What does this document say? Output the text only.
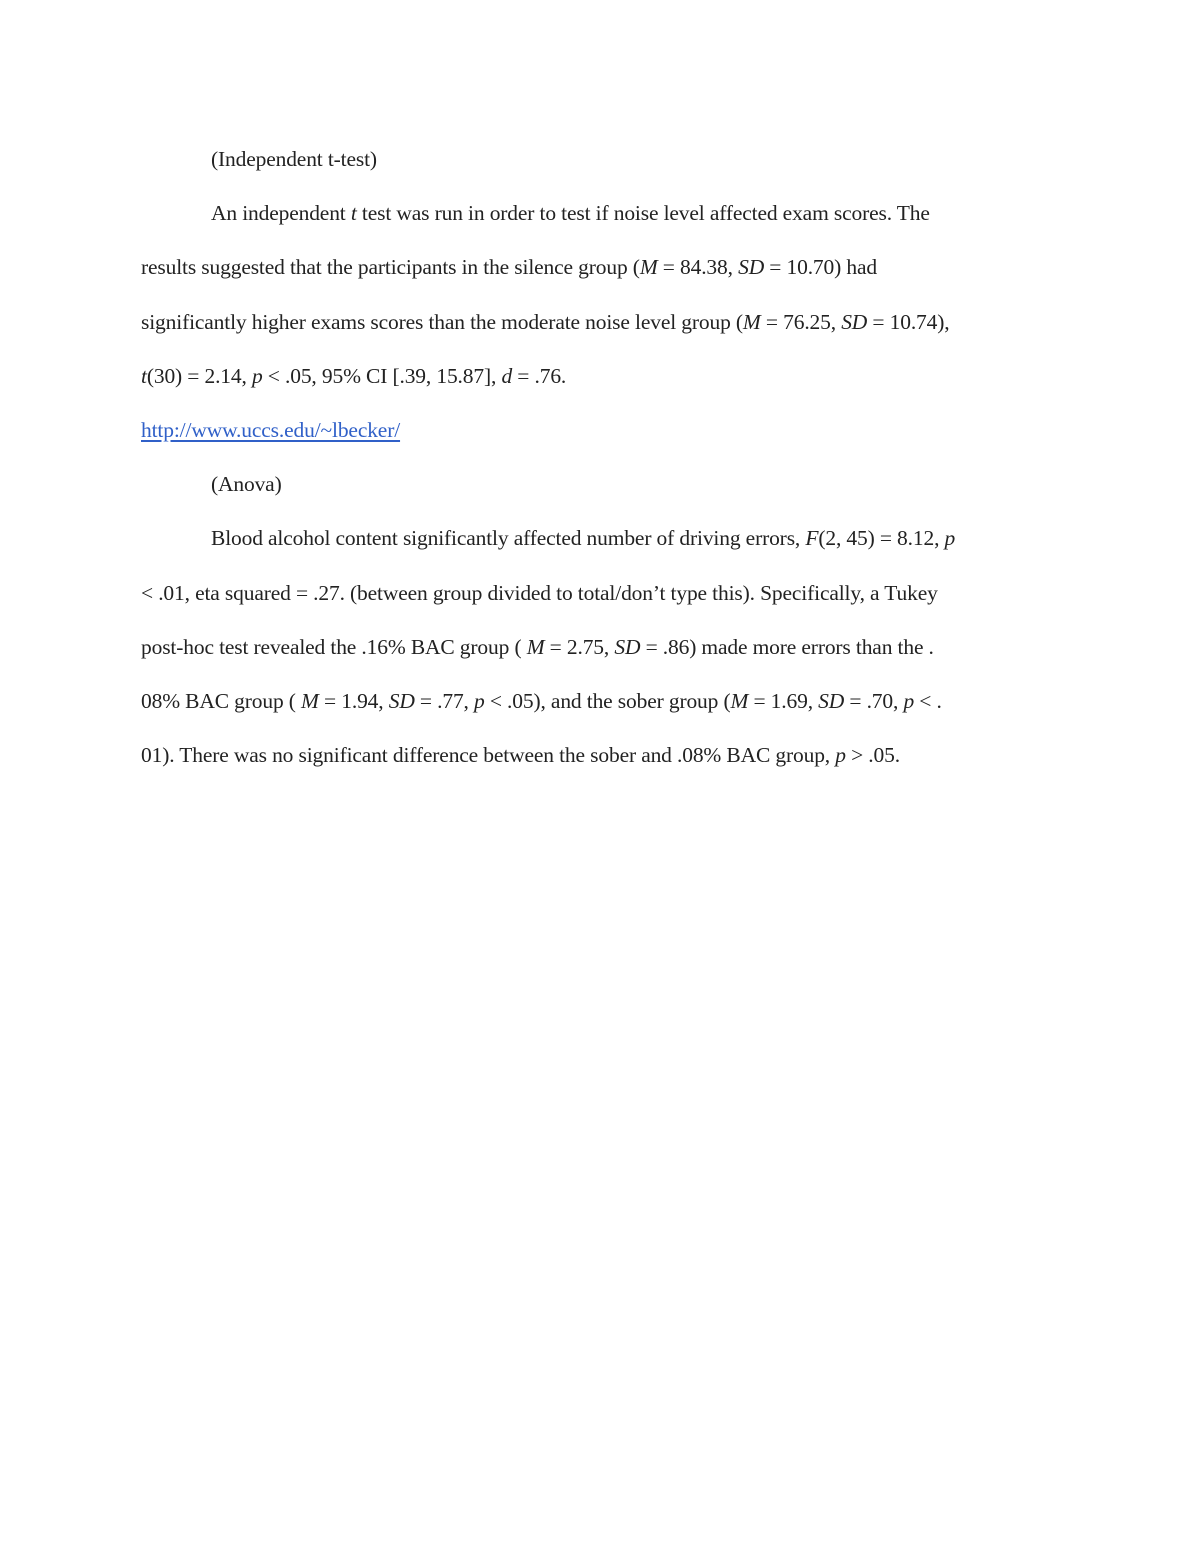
(Independent t-test)
An independent t test was run in order to test if noise level affected exam scores. The
results suggested that the participants in the silence group (M = 84.38, SD = 10.70) had
significantly higher exams scores than the moderate noise level group (M = 76.25, SD = 10.74),
t(30) = 2.14, p < .05, 95% CI [.39, 15.87], d = .76.
http://www.uccs.edu/~lbecker/
(Anova)
Blood alcohol content significantly affected number of driving errors, F(2, 45) = 8.12, p
< .01, eta squared = .27. (between group divided to total/don’t type this). Specifically, a Tukey
post-hoc test revealed the .16% BAC group ( M = 2.75, SD = .86) made more errors than the .
08% BAC group ( M = 1.94, SD = .77, p < .05), and the sober group (M = 1.69, SD = .70, p < .
01). There was no significant difference between the sober and .08% BAC group, p > .05.
